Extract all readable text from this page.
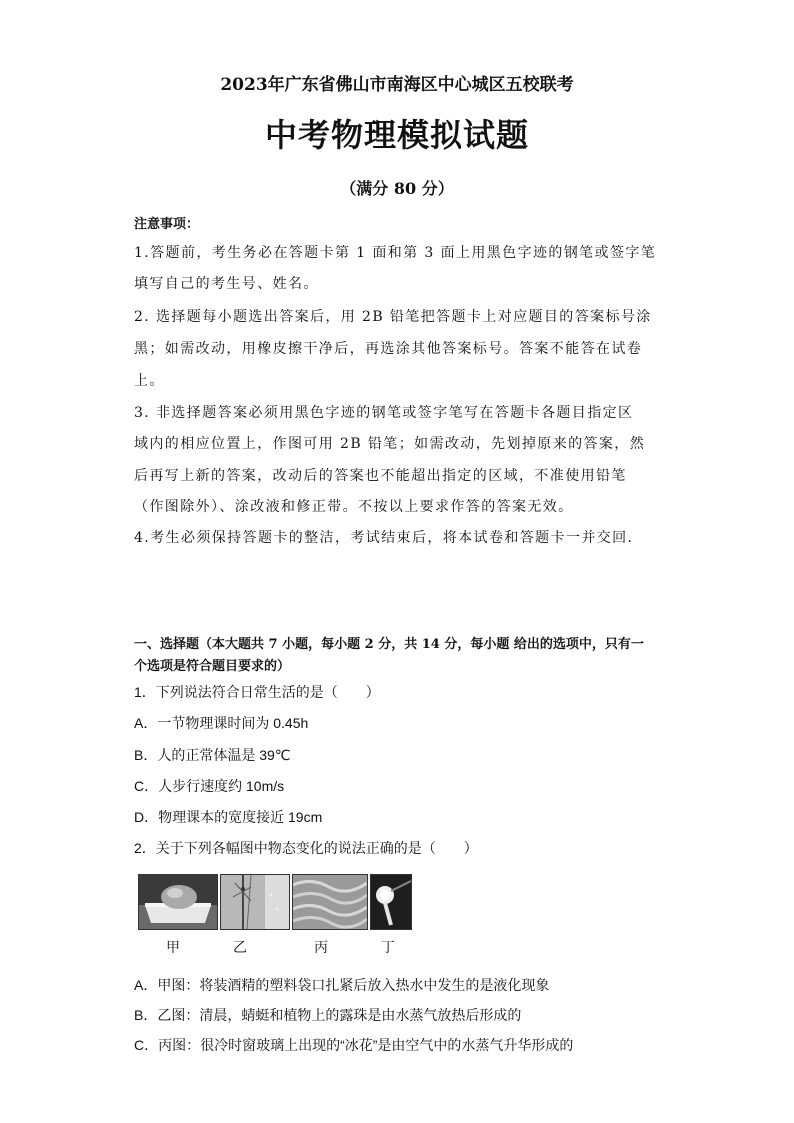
2023年广东省佛山市南海区中心城区五校联考
中考物理模拟试题
（满分 80 分）
注意事项：
1.答题前，考生务必在答题卡第 1 面和第 3 面上用黑色字迹的钢笔或签字笔
填写自己的考生号、姓名。
2. 选择题每小题选出答案后，用 2B 铅笔把答题卡上对应题目的答案标号涂
黑；如需改动，用橡皮擦干净后，再选涂其他答案标号。答案不能答在试卷
上。
3. 非选择题答案必须用黑色字迹的钢笔或签字笔写在答题卡各题目指定区
域内的相应位置上，作图可用 2B 铅笔；如需改动，先划掉原来的答案，然
后再写上新的答案，改动后的答案也不能超出指定的区域，不准使用铅笔
（作图除外）、涂改液和修正带。不按以上要求作答的答案无效。
4.考生必须保持答题卡的整洁，考试结束后，将本试卷和答题卡一并交回.
一、选择题（本大题共 7 小题，每小题 2 分，共 14 分，每小题 给出的选项中，只有一
个选项是符合题目要求的）
1．下列说法符合日常生活的是（　　）
A．一节物理课时间为 0.45h
B．人的正常体温是 39℃
C．人步行速度约 10m/s
D．物理课本的宽度接近 19cm
2．关于下列各幅图中物态变化的说法正确的是（　　）
甲	乙	丙	丁
A．甲图：将装酒精的塑料袋口扎紧后放入热水中发生的是液化现象
B．乙图：清晨，蜻蜓和植物上的露珠是由水蒸气放热后形成的
C．丙图：很冷时窗玻璃上出现的“冰花”是由空气中的水蒸气升华形成的
